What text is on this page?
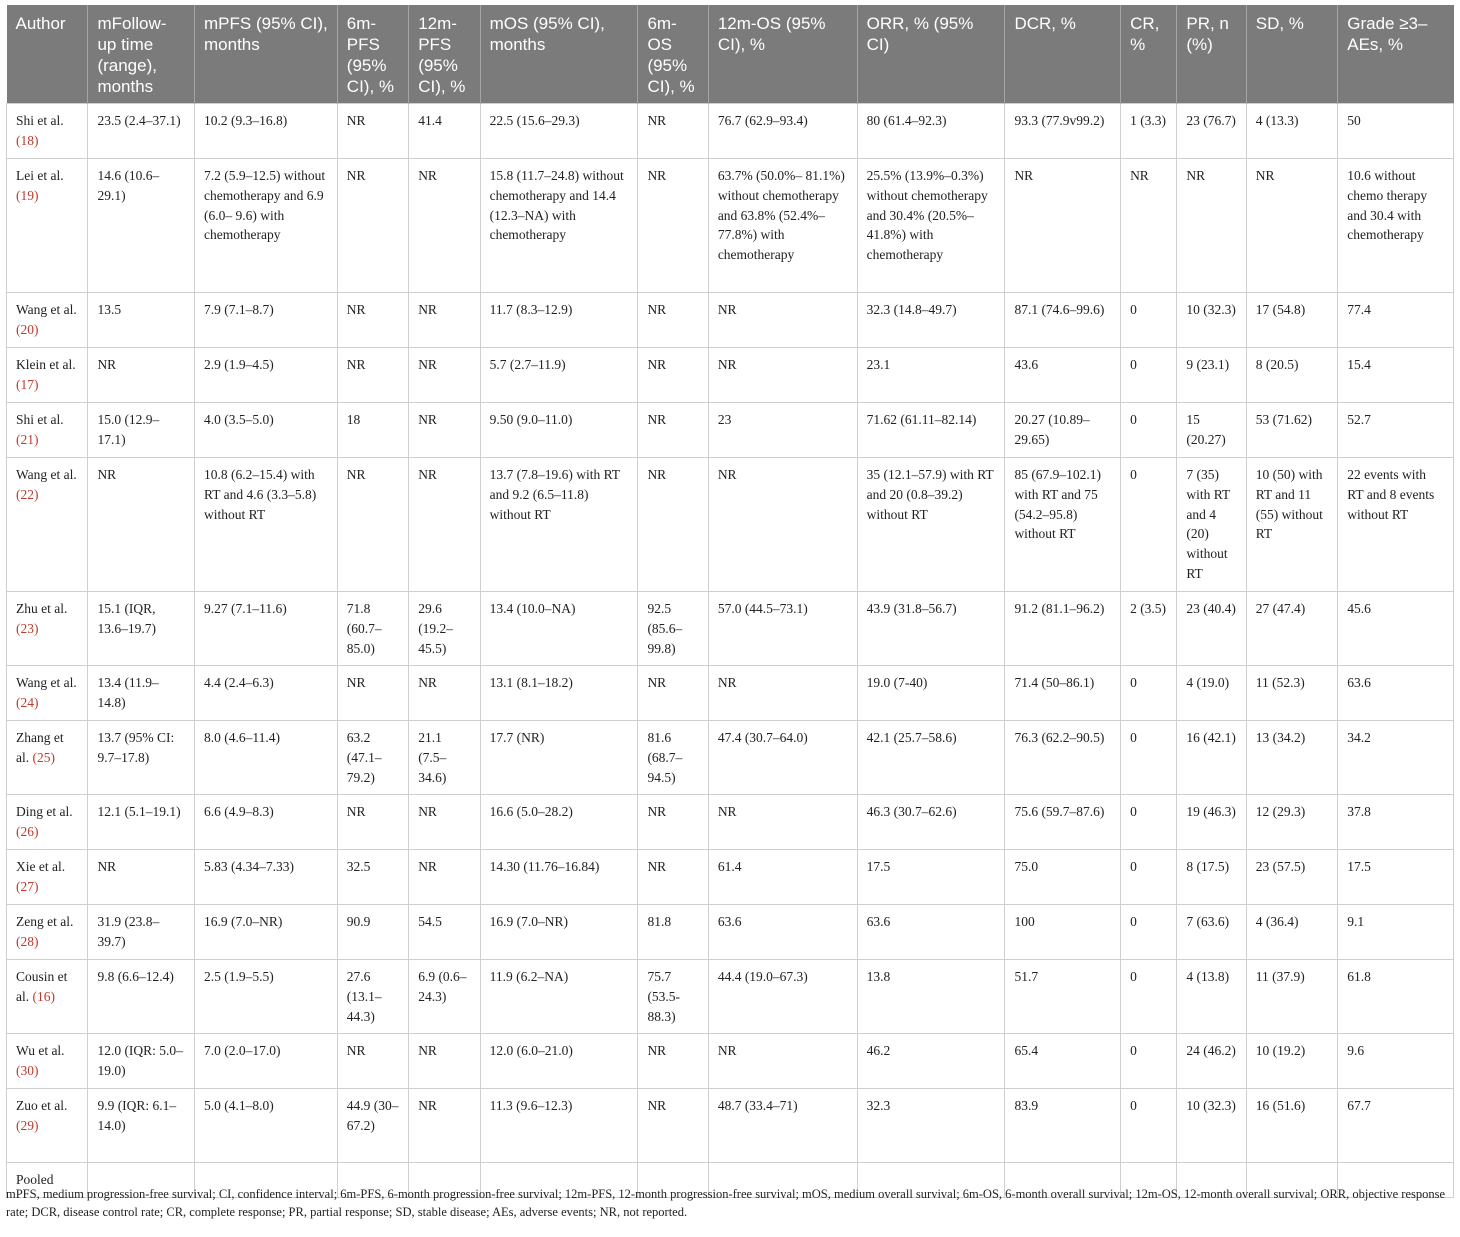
Author	mFollow-up time (range), months	mPFS (95% CI), months	6m-PFS (95% CI), %	12m-PFS (95% CI), %	mOS (95% CI), months	6m-OS (95% CI), %	12m-OS (95% CI), %	ORR, % (95% CI)	DCR, %	CR, %	PR, n (%)	SD, %	Grade ≥3–AEs, %
Shi et al. (18)	23.5 (2.4–37.1)	10.2 (9.3–16.8)	NR	41.4	22.5 (15.6–29.3)	NR	76.7 (62.9–93.4)	80 (61.4–92.3)	93.3 (77.9v99.2)	1 (3.3)	23 (76.7)	4 (13.3)	50
Lei et al. (19)	14.6 (10.6–29.1)	7.2 (5.9–12.5) without chemotherapy and 6.9 (6.0– 9.6) with chemotherapy	NR	NR	15.8 (11.7–24.8) without chemotherapy and 14.4 (12.3–NA) with chemotherapy	NR	63.7% (50.0%– 81.1%) without chemotherapy and 63.8% (52.4%– 77.8%) with chemotherapy	25.5% (13.9%–0.3%) without chemotherapy and 30.4% (20.5%– 41.8%) with chemotherapy	NR	NR	NR	NR	10.6 without chemo therapy and 30.4 with chemotherapy
Wang et al. (20)	13.5	7.9 (7.1–8.7)	NR	NR	11.7 (8.3–12.9)	NR	NR	32.3 (14.8–49.7)	87.1 (74.6–99.6)	0	10 (32.3)	17 (54.8)	77.4
Klein et al. (17)	NR	2.9 (1.9–4.5)	NR	NR	5.7 (2.7–11.9)	NR	NR	23.1	43.6	0	9 (23.1)	8 (20.5)	15.4
Shi et al. (21)	15.0 (12.9–17.1)	4.0 (3.5–5.0)	18	NR	9.50 (9.0–11.0)	NR	23	71.62 (61.11–82.14)	20.27 (10.89–29.65)	0	15 (20.27)	53 (71.62)	52.7
Wang et al. (22)	NR	10.8 (6.2–15.4) with RT and 4.6 (3.3–5.8) without RT	NR	NR	13.7 (7.8–19.6) with RT and 9.2 (6.5–11.8) without RT	NR	NR	35 (12.1–57.9) with RT and 20 (0.8–39.2) without RT	85 (67.9–102.1) with RT and 75 (54.2–95.8) without RT	0	7 (35) with RT and 4 (20) without RT	10 (50) with RT and 11 (55) without RT	22 events with RT and 8 events without RT
Zhu et al. (23)	15.1 (IQR, 13.6–19.7)	9.27 (7.1–11.6)	71.8 (60.7– 85.0)	29.6 (19.2– 45.5)	13.4 (10.0–NA)	92.5 (85.6– 99.8)	57.0 (44.5–73.1)	43.9 (31.8–56.7)	91.2 (81.1–96.2)	2 (3.5)	23 (40.4)	27 (47.4)	45.6
Wang et al. (24)	13.4 (11.9–14.8)	4.4 (2.4–6.3)	NR	NR	13.1 (8.1–18.2)	NR	NR	19.0 (7-40)	71.4 (50–86.1)	0	4 (19.0)	11 (52.3)	63.6
Zhang et al. (25)	13.7 (95% CI: 9.7–17.8)	8.0 (4.6–11.4)	63.2 (47.1– 79.2)	21.1 (7.5– 34.6)	17.7 (NR)	81.6 (68.7– 94.5)	47.4 (30.7–64.0)	42.1 (25.7–58.6)	76.3 (62.2–90.5)	0	16 (42.1)	13 (34.2)	34.2
Ding et al. (26)	12.1 (5.1–19.1)	6.6 (4.9–8.3)	NR	NR	16.6 (5.0–28.2)	NR	NR	46.3 (30.7–62.6)	75.6 (59.7–87.6)	0	19 (46.3)	12 (29.3)	37.8
Xie et al. (27)	NR	5.83 (4.34–7.33)	32.5	NR	14.30 (11.76–16.84)	NR	61.4	17.5	75.0	0	8 (17.5)	23 (57.5)	17.5
Zeng et al. (28)	31.9 (23.8–39.7)	16.9 (7.0–NR)	90.9	54.5	16.9 (7.0–NR)	81.8	63.6	63.6	100	0	7 (63.6)	4 (36.4)	9.1
Cousin et al. (16)	9.8 (6.6–12.4)	2.5 (1.9–5.5)	27.6 (13.1– 44.3)	6.9 (0.6– 24.3)	11.9 (6.2–NA)	75.7 (53.5- 88.3)	44.4 (19.0–67.3)	13.8	51.7	0	4 (13.8)	11 (37.9)	61.8
Wu et al. (30)	12.0 (IQR: 5.0–19.0)	7.0 (2.0–17.0)	NR	NR	12.0 (6.0–21.0)	NR	NR	46.2	65.4	0	24 (46.2)	10 (19.2)	9.6
Zuo et al. (29)	9.9 (IQR: 6.1–14.0)	5.0 (4.1–8.0)	44.9 (30– 67.2)	NR	11.3 (9.6–12.3)	NR	48.7 (33.4–71)	32.3	83.9	0	10 (32.3)	16 (51.6)	67.7
Pooled													
mPFS, medium progression-free survival; CI, confidence interval; 6m-PFS, 6-month progression-free survival; 12m-PFS, 12-month progression-free survival; mOS, medium overall survival; 6m-OS, 6-month overall survival; 12m-OS, 12-month overall survival; ORR, objective response rate; DCR, disease control rate; CR, complete response; PR, partial response; SD, stable disease; AEs, adverse events; NR, not reported.
